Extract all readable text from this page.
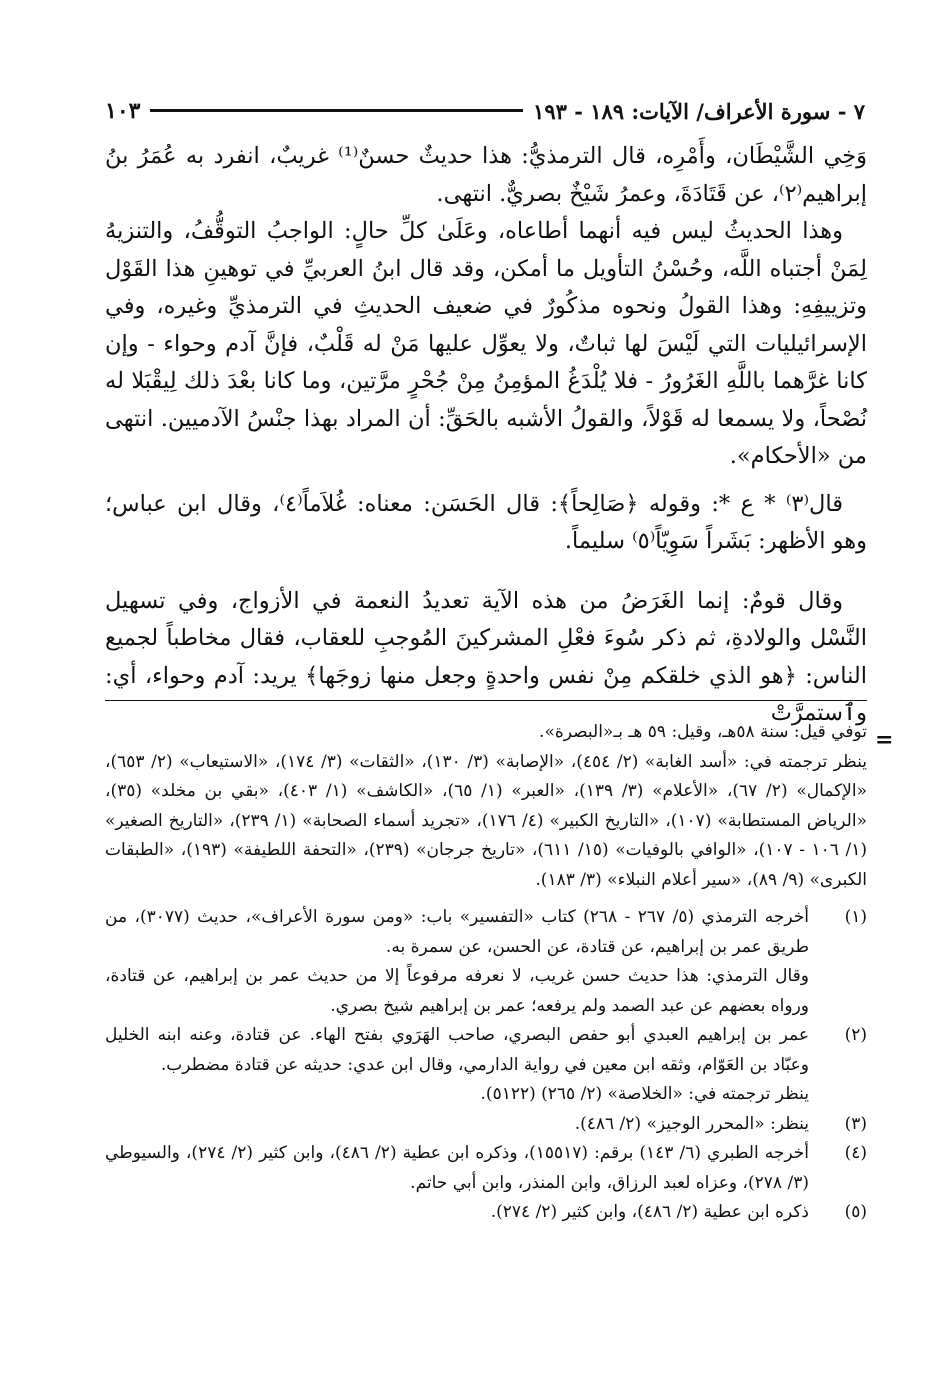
٧ - سورة الأعراف/ الآيات: ١٨٩ - ١٩٣
١٠٣

وَخِي الشَّيْطَان، وأَمْرِه، قال الترمذيُّ: هذا حديثٌ حسنٌ⁽¹⁾ غريبٌ، انفرد به عُمَرُ بنُ إبراهيم⁽٢⁾، عن قَتَادَةَ، وعمرُ شَيْخٌ بصريٌّ. انتهى.

وهذا الحديثُ ليس فيه أنهما أطاعاه، وعَلَىٰ كلِّ حالٍ: الواجبُ التوقُّفُ، والتنزيهُ لِمَنْ أجتباه اللَّه، وحُسْنُ التأويل ما أمكن، وقد قال ابنُ العربيِّ في توهينِ هذا القَوْل وتزييفِهِ: وهذا القولُ ونحوه مذكُورٌ في ضعيف الحديثِ في الترمذيِّ وغيره، وفي الإسرائيليات التي لَيْسَ لها ثباتٌ، ولا يعوِّل عليها مَنْ له قَلْبٌ، فإنَّ آدم وحواء - وإن كانا غرَّهما باللَّهِ الغَرُورُ - فلا يُلْدَغُ المؤمِنُ مِنْ جُحْرٍ مرَّتين، وما كانا بعْدَ ذلك لِيقْبَلا له نُصْحاً، ولا يسمعا له قَوْلاً، والقولُ الأشبه بالحَقِّ: أن المراد بهذا جنْسُ الآدميين. انتهى من «الأحكام».

قال⁽٣⁾ * ع *: وقوله ﴿صَالِحاً﴾: قال الحَسَن: معناه: غُلاَماً⁽٤⁾، وقال ابن عباس؛ وهو الأظهر: بَشَراً سَوِيّاً⁽٥⁾ سليماً.

وقال قومٌ: إنما الغَرَضُ من هذه الآية تعديدُ النعمة في الأزواج، وفي تسهيل النَّسْل والولادةِ، ثم ذكر سُوءَ فعْلِ المشركينَ المُوجبِ للعقاب، فقال مخاطباً لجميع الناس: ﴿هو الذي خلقكم مِنْ نفس واحدةٍ وجعل منها زوجَها﴾ يريد: آدم وحواء، أي: وٱستمرَّتْ

=

توفي قيل: سنة ٥٨هـ، وقيل: ٥٩ هـ بـ«البصرة».

ينظر ترجمته في: «أسد الغابة» (٢/ ٤٥٤)، «الإصابة» (٣/ ١٣٠)، «الثقات» (٣/ ١٧٤)، «الاستيعاب» (٢/ ٦٥٣)، «الإكمال» (٢/ ٦٧)، «الأعلام» (٣/ ١٣٩)، «العبر» (١/ ٦٥)، «الكاشف» (١/ ٤٠٣)، «بقي بن مخلد» (٣٥)، «الرياض المستطابة» (١٠٧)، «التاريخ الكبير» (٤/ ١٧٦)، «تجريد أسماء الصحابة» (١/ ٢٣٩)، «التاريخ الصغير» (١/ ١٠٦ - ١٠٧)، «الوافي بالوفيات» (١٥/ ٦١١)، «تاريخ جرجان» (٢٣٩)، «التحفة اللطيفة» (١٩٣)، «الطبقات الكبرى» (٩/ ٨٩)، «سير أعلام النبلاء» (٣/ ١٨٣).

(١)

أخرجه الترمذي (٥/ ٢٦٧ - ٢٦٨) كتاب «التفسير» باب: «ومن سورة الأعراف»، حديث (٣٠٧٧)، من طريق عمر بن إبراهيم، عن قتادة، عن الحسن، عن سمرة به.

وقال الترمذي: هذا حديث حسن غريب، لا نعرفه مرفوعاً إلا من حديث عمر بن إبراهيم، عن قتادة، ورواه بعضهم عن عبد الصمد ولم يرفعه؛ عمر بن إبراهيم شيخ بصري.

(٢)

عمر بن إبراهيم العبدي أبو حفص البصري، صاحب الهَرَوي بفتح الهاء. عن قتادة، وعنه ابنه الخليل وعبّاد بن العَوّام، وثقه ابن معين في رواية الدارمي، وقال ابن عدي: حديثه عن قتادة مضطرب.

ينظر ترجمته في: «الخلاصة» (٢/ ٢٦٥) (٥١٢٢).

(٣)

ينظر: «المحرر الوجيز» (٢/ ٤٨٦).

(٤)

أخرجه الطبري (٦/ ١٤٣) برقم: (١٥٥١٧)، وذكره ابن عطية (٢/ ٤٨٦)، وابن كثير (٢/ ٢٧٤)، والسيوطي (٣/ ٢٧٨)، وعزاه لعبد الرزاق، وابن المنذر، وابن أبي حاتم.

(٥)

ذكره ابن عطية (٢/ ٤٨٦)، وابن كثير (٢/ ٢٧٤).
